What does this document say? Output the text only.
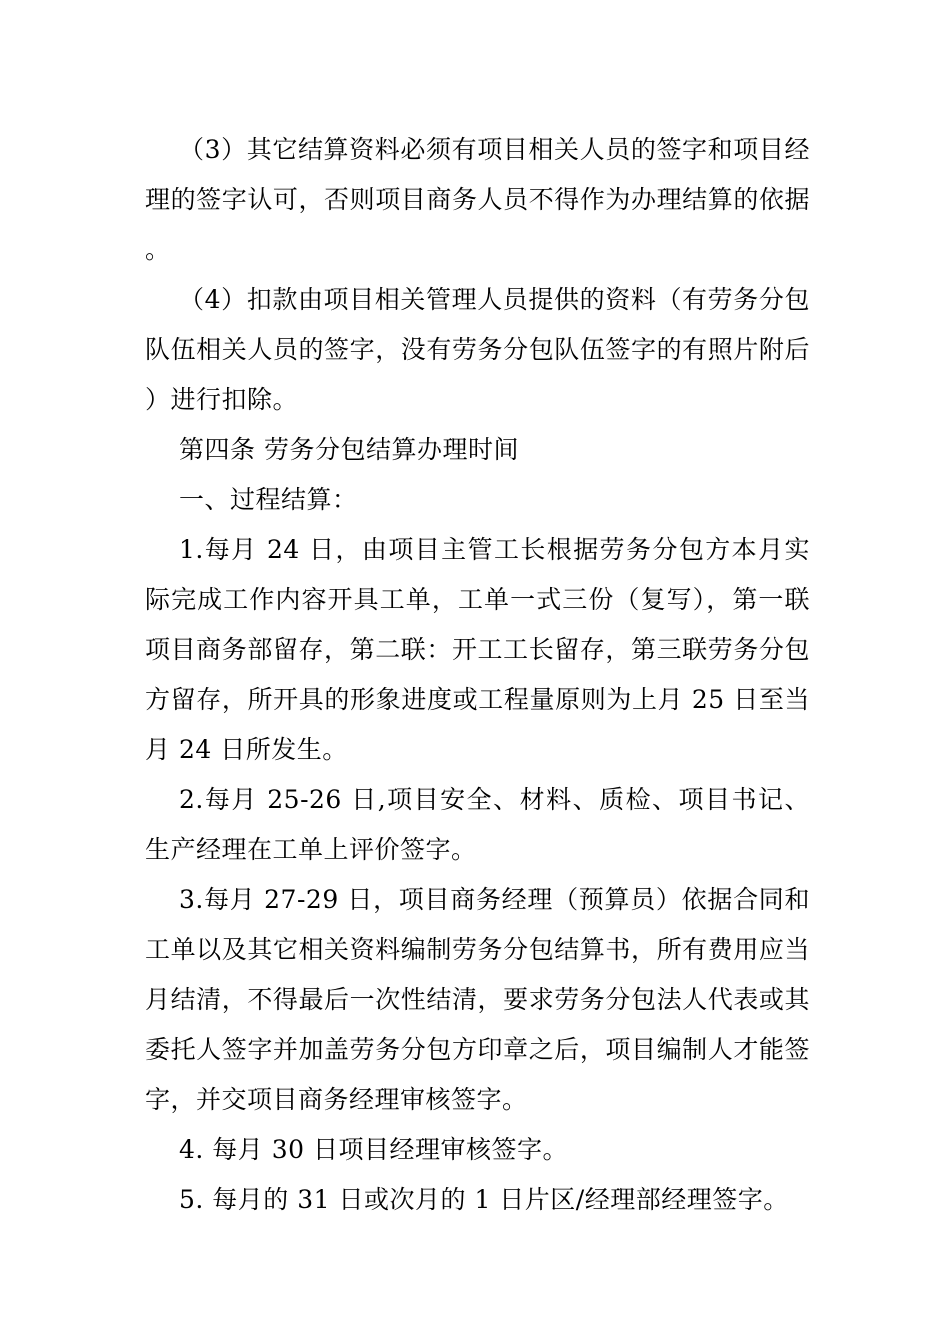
（3）其它结算资料必须有项目相关人员的签字和项目经理的签字认可，否则项目商务人员不得作为办理结算的依据。

（4）扣款由项目相关管理人员提供的资料（有劳务分包队伍相关人员的签字，没有劳务分包队伍签字的有照片附后）进行扣除。

第四条 劳务分包结算办理时间

一、过程结算：

1.每月 24 日，由项目主管工长根据劳务分包方本月实际完成工作内容开具工单，工单一式三份（复写），第一联项目商务部留存，第二联：开工工长留存，第三联劳务分包方留存，所开具的形象进度或工程量原则为上月 25 日至当月 24 日所发生。

2.每月 25-26 日,项目安全、材料、质检、项目书记、生产经理在工单上评价签字。

3.每月 27-29 日，项目商务经理（预算员）依据合同和工单以及其它相关资料编制劳务分包结算书，所有费用应当月结清，不得最后一次性结清，要求劳务分包法人代表或其委托人签字并加盖劳务分包方印章之后，项目编制人才能签字，并交项目商务经理审核签字。

4. 每月 30 日项目经理审核签字。

5. 每月的 31 日或次月的 1 日片区/经理部经理签字。
